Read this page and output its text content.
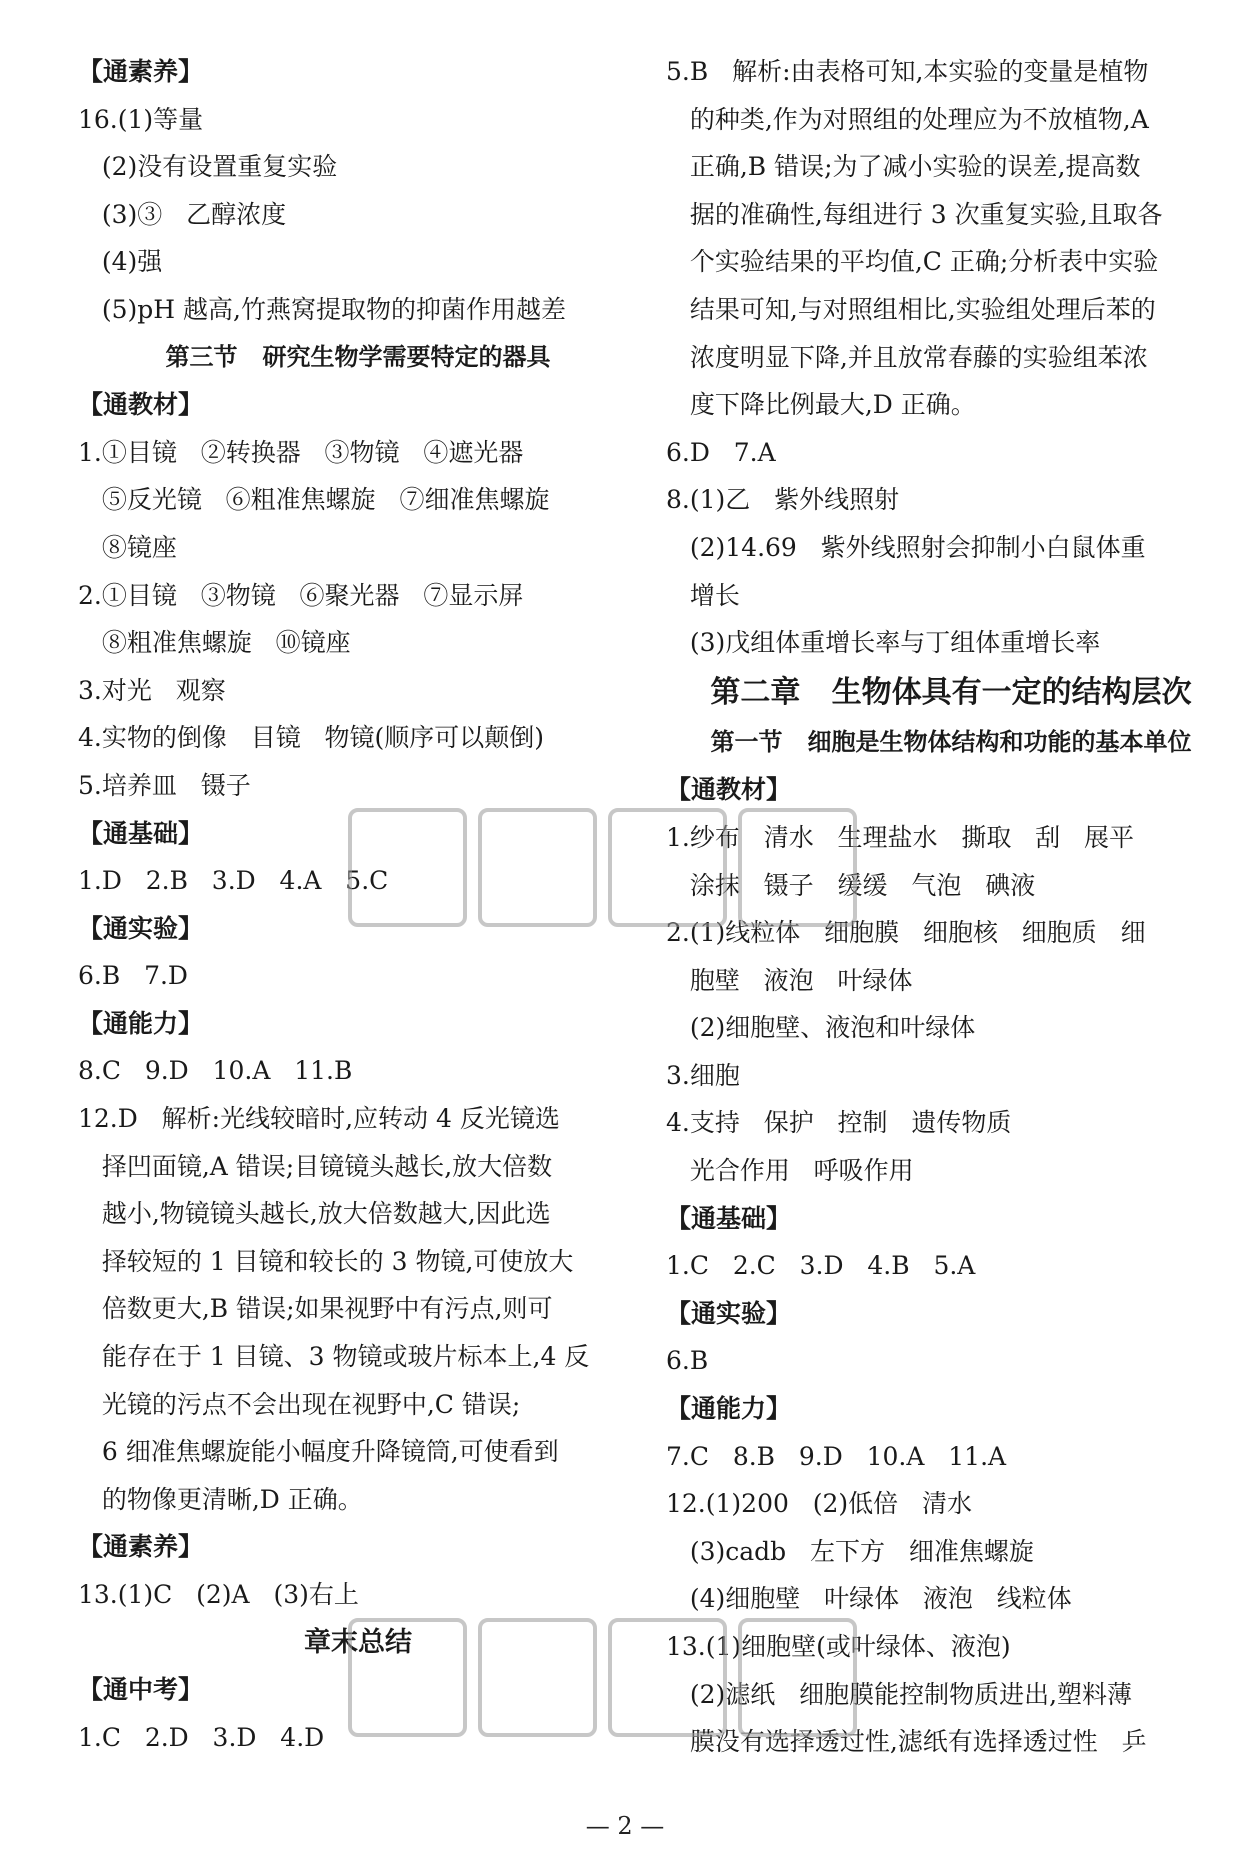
【通素养】
16.(1)等量
(2)没有设置重复实验
(3)③   乙醇浓度
(4)强
(5)pH 越高,竹燕窝提取物的抑菌作用越差
第三节   研究生物学需要特定的器具
【通教材】
1.①目镜   ②转换器   ③物镜   ④遮光器
⑤反光镜   ⑥粗准焦螺旋   ⑦细准焦螺旋
⑧镜座
2.①目镜   ③物镜   ⑥聚光器   ⑦显示屏
⑧粗准焦螺旋   ⑩镜座
3.对光   观察
4.实物的倒像   目镜   物镜(顺序可以颠倒)
5.培养皿   镊子
【通基础】
1.D   2.B   3.D   4.A   5.C
【通实验】
6.B   7.D
【通能力】
8.C   9.D   10.A   11.B
12.D   解析:光线较暗时,应转动 4 反光镜选
择凹面镜,A 错误;目镜镜头越长,放大倍数
越小,物镜镜头越长,放大倍数越大,因此选
择较短的 1 目镜和较长的 3 物镜,可使放大
倍数更大,B 错误;如果视野中有污点,则可
能存在于 1 目镜、3 物镜或玻片标本上,4 反
光镜的污点不会出现在视野中,C 错误;
6 细准焦螺旋能小幅度升降镜筒,可使看到
的物像更清晰,D 正确。
【通素养】
13.(1)C   (2)A   (3)右上
章末总结
【通中考】
1.C   2.D   3.D   4.D
5.B   解析:由表格可知,本实验的变量是植物
的种类,作为对照组的处理应为不放植物,A
正确,B 错误;为了减小实验的误差,提高数
据的准确性,每组进行 3 次重复实验,且取各
个实验结果的平均值,C 正确;分析表中实验
结果可知,与对照组相比,实验组处理后苯的
浓度明显下降,并且放常春藤的实验组苯浓
度下降比例最大,D 正确。
6.D   7.A
8.(1)乙   紫外线照射
(2)14.69   紫外线照射会抑制小白鼠体重
增长
(3)戊组体重增长率与丁组体重增长率
第二章   生物体具有一定的结构层次
第一节   细胞是生物体结构和功能的基本单位
【通教材】
1.纱布   清水   生理盐水   撕取   刮   展平
涂抹   镊子   缓缓   气泡   碘液
2.(1)线粒体   细胞膜   细胞核   细胞质   细
胞壁   液泡   叶绿体
(2)细胞壁、液泡和叶绿体
3.细胞
4.支持   保护   控制   遗传物质
光合作用   呼吸作用
【通基础】
1.C   2.C   3.D   4.B   5.A
【通实验】
6.B
【通能力】
7.C   8.B   9.D   10.A   11.A
12.(1)200   (2)低倍   清水
(3)cadb   左下方   细准焦螺旋
(4)细胞壁   叶绿体   液泡   线粒体
13.(1)细胞壁(或叶绿体、液泡)
(2)滤纸   细胞膜能控制物质进出,塑料薄
膜没有选择透过性,滤纸有选择透过性   乒
— 2 —
